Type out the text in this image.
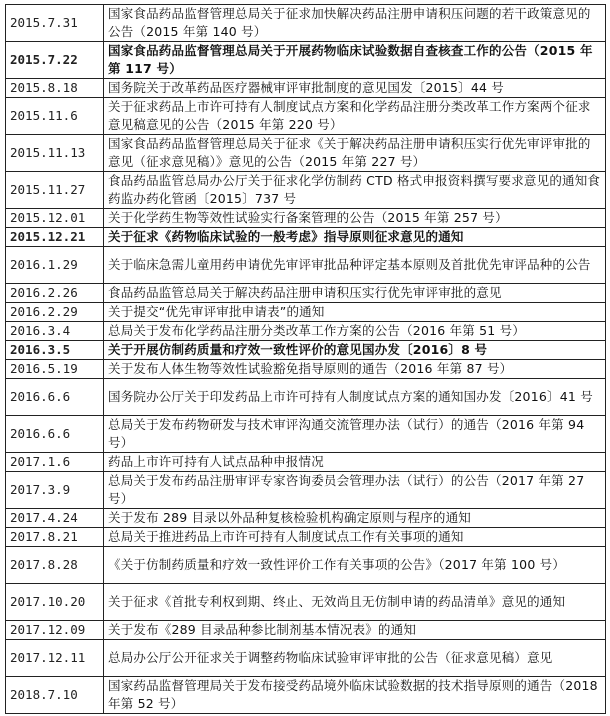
2015.7.31	国家食品药品监督管理总局关于征求加快解决药品注册申请积压问题的若干政策意见的公告（2015 年第 140 号）
2015.7.22	国家食品药品监督管理总局关于开展药物临床试验数据自查核查工作的公告（2015 年第 117 号）
2015.8.18	国务院关于改革药品医疗器械审评审批制度的意见国发〔2015〕44 号
2015.11.6	关于征求药品上市许可持有人制度试点方案和化学药品注册分类改革工作方案两个征求意见稿意见的公告（2015 年第 220 号）
2015.11.13	国家食品药品监督管理总局关于征求《关于解决药品注册申请积压实行优先审评审批的意见（征求意见稿）》意见的公告（2015 年第 227 号）
2015.11.27	食品药品监管总局办公厅关于征求化学仿制药 CTD 格式申报资料撰写要求意见的通知食药监办药化管函〔2015〕737 号
2015.12.01	关于化学药生物等效性试验实行备案管理的公告（2015 年第 257 号）
2015.12.21	关于征求《药物临床试验的一般考虑》指导原则征求意见的通知
2016.1.29	关于临床急需儿童用药申请优先审评审批品种评定基本原则及首批优先审评品种的公告
2016.2.26	食品药品监管总局关于解决药品注册申请积压实行优先审评审批的意见
2016.2.29	关于提交“优先审评审批申请表”的通知
2016.3.4	总局关于发布化学药品注册分类改革工作方案的公告（2016 年第 51 号）
2016.3.5	关于开展仿制药质量和疗效一致性评价的意见国办发〔2016〕8 号
2016.5.19	关于发布人体生物等效性试验豁免指导原则的通告（2016 年第 87 号）
2016.6.6	国务院办公厅关于印发药品上市许可持有人制度试点方案的通知国办发〔2016〕41 号
2016.6.6	总局关于发布药物研发与技术审评沟通交流管理办法（试行）的通告（2016 年第 94 号）
2017.1.6	药品上市许可持有人试点品种申报情况
2017.3.9	总局关于发布药品注册审评专家咨询委员会管理办法（试行）的公告（2017 年第 27 号）
2017.4.24	关于发布 289 目录以外品种复核检验机构确定原则与程序的通知
2017.8.21	总局关于推进药品上市许可持有人制度试点工作有关事项的通知
2017.8.28	《关于仿制药质量和疗效一致性评价工作有关事项的公告》（2017 年第 100 号）
2017.10.20	关于征求《首批专利权到期、终止、无效尚且无仿制申请的药品清单》意见的通知
2017.12.09	关于发布《289 目录品种参比制剂基本情况表》的通知
2017.12.11	总局办公厅公开征求关于调整药物临床试验审评审批的公告（征求意见稿）意见
2018.7.10	国家药品监督管理局关于发布接受药品境外临床试验数据的技术指导原则的通告（2018 年第 52 号）
